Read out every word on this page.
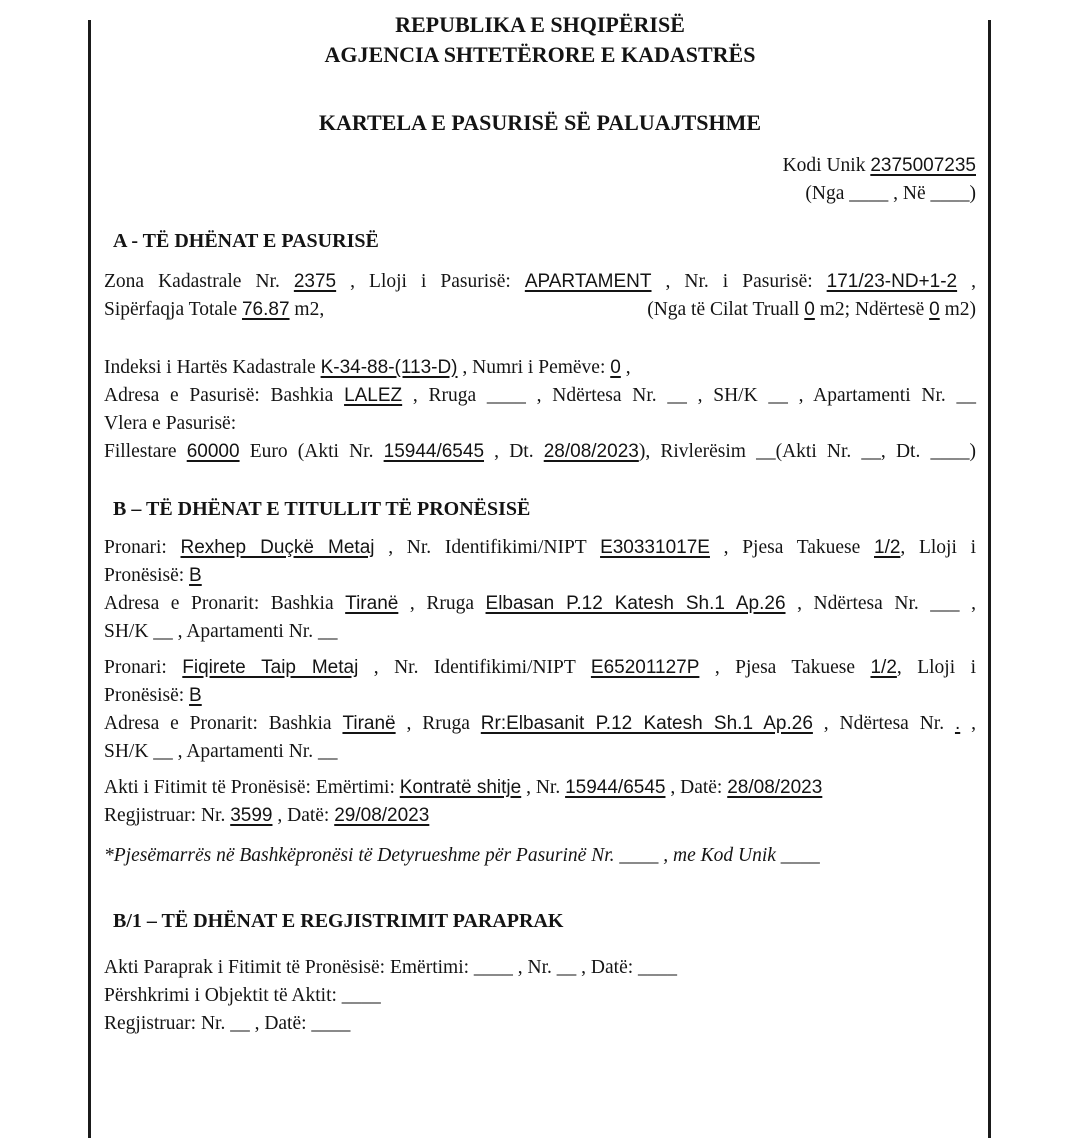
REPUBLIKA E SHQIPËRISË
AGJENCIA SHTETËRORE E KADASTRËS
KARTELA E PASURISË SË PALUAJTSHME
Kodi Unik 2375007235
(Nga ____ , Në ____)
A - TË DHËNAT E PASURISË
Zona Kadastrale Nr. 2375 , Lloji i Pasurisë: APARTAMENT , Nr. i Pasurisë: 171/23-ND+1-2 ,
Sipërfaqja Totale 76.87 m2,	(Nga të Cilat Truall 0 m2; Ndërtesë 0 m2)
Indeksi i Hartës Kadastrale K-34-88-(113-D) , Numri i Pemëve: 0 ,
Adresa e Pasurisë: Bashkia LALEZ , Rruga ____ , Ndërtesa Nr. __ , SH/K __ , Apartamenti Nr. __
Vlera e Pasurisë:
Fillestare 60000 Euro (Akti Nr. 15944/6545 , Dt. 28/08/2023), Rivlerësim __(Akti Nr. __, Dt. ____)
B – TË DHËNAT E TITULLIT TË PRONËSISË
Pronari: Rexhep Duçkë Metaj , Nr. Identifikimi/NIPT E30331017E , Pjesa Takuese 1/2, Lloji i
Pronësisë: B
Adresa e Pronarit: Bashkia Tiranë , Rruga Elbasan P.12 Katesh Sh.1 Ap.26 , Ndërtesa Nr. ___ ,
SH/K __ , Apartamenti Nr. __
Pronari: Fiqirete Taip Metaj , Nr. Identifikimi/NIPT E65201127P , Pjesa Takuese 1/2, Lloji i
Pronësisë: B
Adresa e Pronarit: Bashkia Tiranë , Rruga Rr:Elbasanit P.12 Katesh Sh.1 Ap.26 , Ndërtesa Nr. . ,
SH/K __ , Apartamenti Nr. __
Akti i Fitimit të Pronësisë: Emërtimi: Kontratë shitje , Nr. 15944/6545 , Datë: 28/08/2023
Regjistruar: Nr. 3599 , Datë: 29/08/2023
*Pjesëmarrës në Bashkëpronësi të Detyrueshme për Pasurinë Nr. ____ , me Kod Unik ____
B/1 – TË DHËNAT E REGJISTRIMIT PARAPRAK
Akti Paraprak i Fitimit të Pronësisë: Emërtimi: ____ , Nr. __ , Datë: ____
Përshkrimi i Objektit të Aktit: ____
Regjistruar: Nr. __ , Datë: ____
